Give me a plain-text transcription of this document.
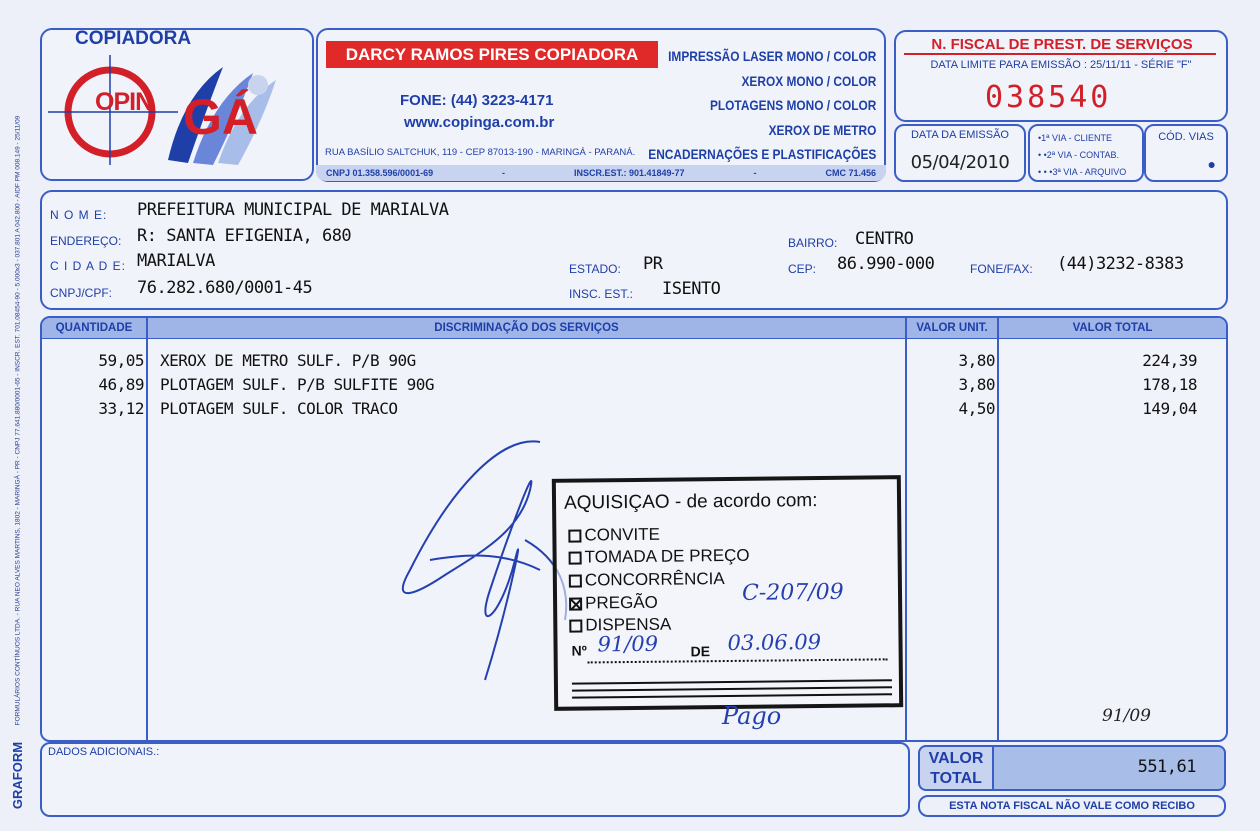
FORMULÁRIOS CONTÍNUOS LTDA. - RUA NEO ALVES MARTINS, 1802 - MARINGÁ - PR - CNPJ 77.641.880/0001-65 - INSCR. EST. 701.08454-90 - 5.000x3 - 037.801 A 042.800 - AIDF PM 008.149 - 25/11/09
GRAFORM
COPIADORA
OPIN GÁ
DARCY RAMOS PIRES COPIADORA
FONE: (44) 3223-4171
www.copinga.com.br
RUA BASÍLIO SALTCHUK, 119 - CEP 87013-190 - MARINGÁ - PARANÁ.
IMPRESSÃO LASER MONO / COLOR
XEROX MONO / COLOR
PLOTAGENS MONO / COLOR
XEROX DE METRO
ENCADERNAÇÕES E PLASTIFICAÇÕES
CNPJ 01.358.596/0001-69	-	INSCR.EST.: 901.41849-77	-	CMC 71.456
N. FISCAL DE PREST. DE SERVIÇOS
DATA LIMITE PARA EMISSÃO : 25/11/11 - SÉRIE "F"
038540
DATA DA EMISSÃO
05/04/2010
•1ª VIA - CLIENTE
• •2ª VIA - CONTAB.
• • •3ª VIA - ARQUIVO
CÓD. VIAS
●
N O M E: PREFEITURA MUNICIPAL DE MARIALVA
ENDEREÇO: R: SANTA EFIGENIA, 680
C I D A D E: MARIALVA
CNPJ/CPF: 76.282.680/0001-45
BAIRRO: CENTRO
ESTADO: PR	CEP: 86.990-000	FONE/FAX: (44)3232-8383
INSC. EST.: ISENTO
QUANTIDADE	DISCRIMINAÇÃO DOS SERVIÇOS	VALOR UNIT.	VALOR TOTAL
59,05 XEROX DE METRO SULF. P/B 90G	3,80	224,39
46,89 PLOTAGEM SULF. P/B SULFITE 90G	3,80	178,18
33,12 PLOTAGEM SULF. COLOR TRACO	4,50	149,04
AQUISIÇAO - de acordo com:
CONVITE
TOMADA DE PREÇO
CONCORRÊNCIA
PREGÃO
DISPENSA
C-207/09
Nº 91/09 DE 03.06.09
Pago	91/09
DADOS ADICIONAIS.:	VALOR
TOTAL
551,61
ESTA NOTA FISCAL NÃO VALE COMO RECIBO
